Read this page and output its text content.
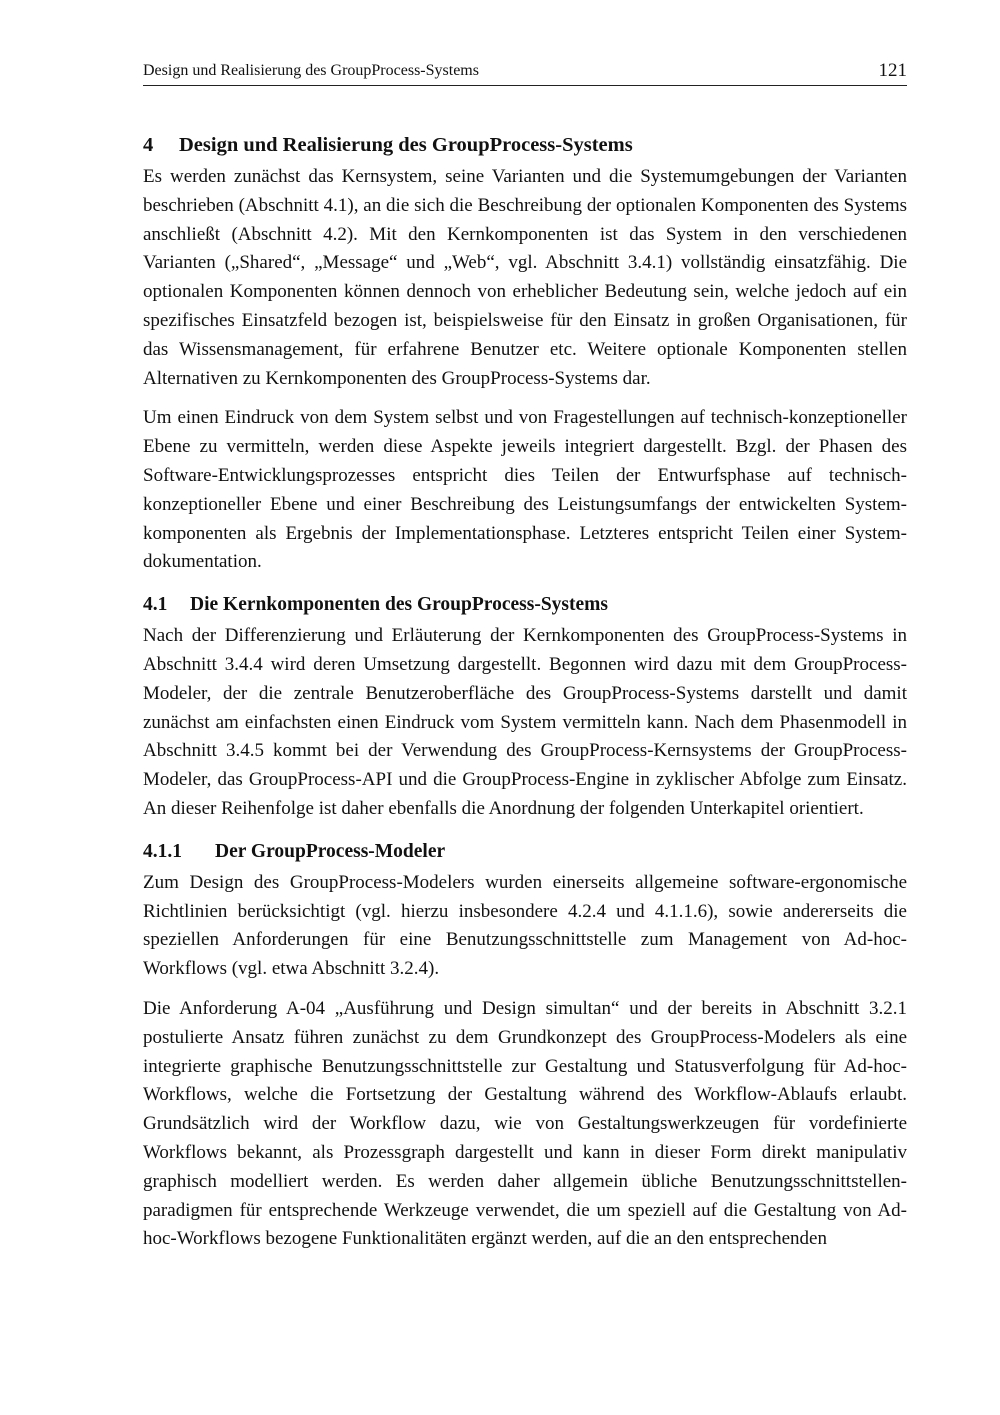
Design und Realisierung des GroupProcess-Systems	121
4	Design und Realisierung des GroupProcess-Systems

Es werden zunächst das Kernsystem, seine Varianten und die Systemumgebungen der Varianten beschrieben (Abschnitt 4.1), an die sich die Beschreibung der optionalen Komponenten des Systems anschließt (Abschnitt 4.2). Mit den Kernkomponenten ist das System in den verschiedenen Varianten („Shared“, „Message“ und „Web“, vgl. Abschnitt 3.4.1) vollständig einsatzfähig. Die optionalen Komponenten können dennoch von erheblicher Bedeutung sein, welche jedoch auf ein spezifisches Einsatzfeld bezogen ist, beispielsweise für den Einsatz in großen Organisationen, für das Wissensmanagement, für erfahrene Benutzer etc. Weitere optionale Komponenten stellen Alternativen zu Kernkomponenten des GroupProcess-Systems dar.

Um einen Eindruck von dem System selbst und von Fragestellungen auf technisch-konzeptioneller Ebene zu vermitteln, werden diese Aspekte jeweils integriert dargestellt. Bzgl. der Phasen des Software-Entwicklungsprozesses entspricht dies Teilen der Entwurfsphase auf technisch-konzeptioneller Ebene und einer Beschreibung des Leistungsumfangs der entwickelten Systemkomponenten als Ergebnis der Implementationsphase. Letzteres entspricht Teilen einer Systemdokumentation.

4.1	Die Kernkomponenten des GroupProcess-Systems

Nach der Differenzierung und Erläuterung der Kernkomponenten des GroupProcess-Systems in Abschnitt 3.4.4 wird deren Umsetzung dargestellt. Begonnen wird dazu mit dem GroupProcess-Modeler, der die zentrale Benutzeroberfläche des GroupProcess-Systems darstellt und damit zunächst am einfachsten einen Eindruck vom System vermitteln kann. Nach dem Phasenmodell in Abschnitt 3.4.5 kommt bei der Verwendung des GroupProcess-Kernsystems der GroupProcess-Modeler, das GroupProcess-API und die GroupProcess-Engine in zyklischer Abfolge zum Einsatz. An dieser Reihenfolge ist daher ebenfalls die Anordnung der folgenden Unterkapitel orientiert.

4.1.1	Der GroupProcess-Modeler

Zum Design des GroupProcess-Modelers wurden einerseits allgemeine software-ergonomische Richtlinien berücksichtigt (vgl. hierzu insbesondere 4.2.4 und 4.1.1.6), sowie andererseits die speziellen Anforderungen für eine Benutzungsschnittstelle zum Management von Ad-hoc-Workflows (vgl. etwa Abschnitt 3.2.4).

Die Anforderung A-04 „Ausführung und Design simultan“ und der bereits in Abschnitt 3.2.1 postulierte Ansatz führen zunächst zu dem Grundkonzept des GroupProcess-Modelers als eine integrierte graphische Benutzungsschnittstelle zur Gestaltung und Statusverfolgung für Ad-hoc-Workflows, welche die Fortsetzung der Gestaltung während des Workflow-Ablaufs erlaubt. Grundsätzlich wird der Workflow dazu, wie von Gestaltungswerkzeugen für vordefinierte Workflows bekannt, als Prozessgraph dargestellt und kann in dieser Form direkt manipulativ graphisch modelliert werden. Es werden daher allgemein übliche Benutzungsschnittstellenparadigmen für entsprechende Werkzeuge verwendet, die um speziell auf die Gestaltung von Ad-hoc-Workflows bezogene Funktionalitäten ergänzt werden, auf die an den entsprechenden
